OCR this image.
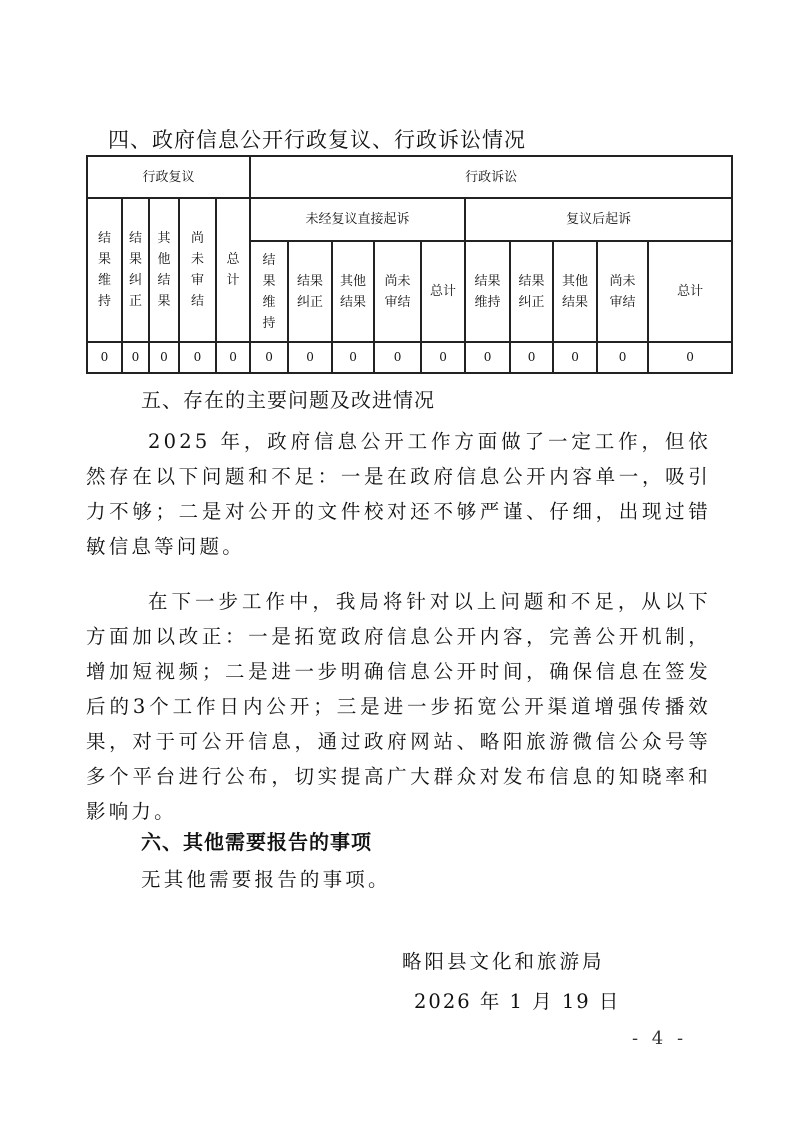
四、政府信息公开行政复议、行政诉讼情况
行政复议					行政诉讼									
结果维持	结果纠正	其他结果	尚未审结	总计	未经复议直接起诉					复议后起诉				
					结果维持	结果纠正	其他结果	尚未审结	总计	结果维持	结果纠正	其他结果	尚未审结	总计
0	0	0	0	0	0	0	0	0	0	0	0	0	0	0
五、存在的主要问题及改进情况
2025 年，政府信息公开工作方面做了一定工作，但依然存在以下问题和不足：一是在政府信息公开内容单一，吸引力不够；二是对公开的文件校对还不够严谨、仔细，出现过错敏信息等问题。
在下一步工作中，我局将针对以上问题和不足，从以下方面加以改正：一是拓宽政府信息公开内容，完善公开机制，增加短视频；二是进一步明确信息公开时间，确保信息在签发后的3个工作日内公开；三是进一步拓宽公开渠道增强传播效果，对于可公开信息，通过政府网站、略阳旅游微信公众号等多个平台进行公布，切实提高广大群众对发布信息的知晓率和影响力。
六、其他需要报告的事项
无其他需要报告的事项。
略阳县文化和旅游局
2026 年 1 月 19 日
- 4 -
